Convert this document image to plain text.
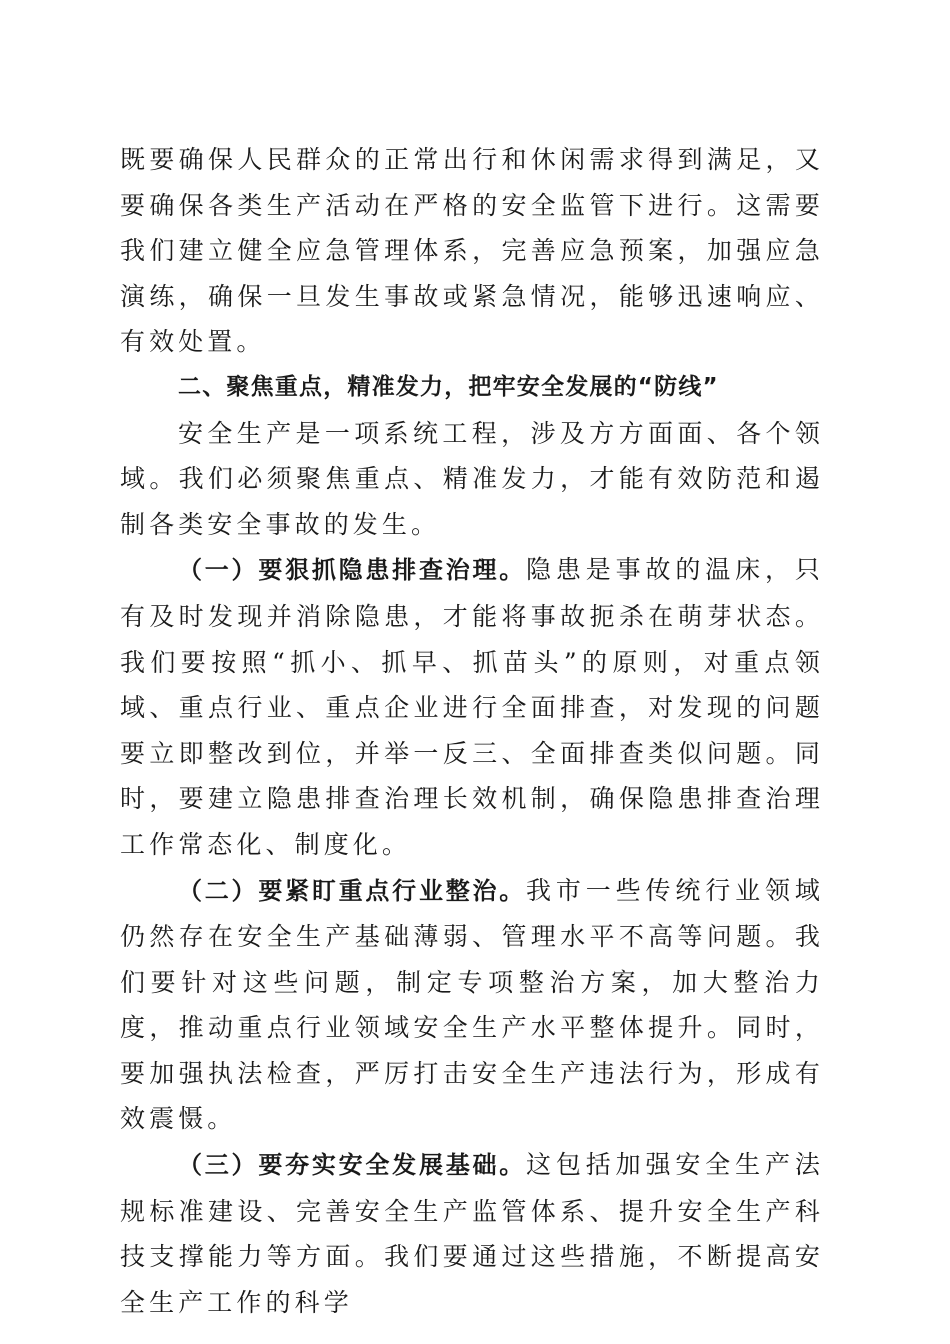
既要确保人民群众的正常出行和休闲需求得到满足，又要确保各类生产活动在严格的安全监管下进行。这需要我们建立健全应急管理体系，完善应急预案，加强应急演练，确保一旦发生事故或紧急情况，能够迅速响应、有效处置。

二、聚焦重点，精准发力，把牢安全发展的“防线”

安全生产是一项系统工程，涉及方方面面、各个领域。我们必须聚焦重点、精准发力，才能有效防范和遏制各类安全事故的发生。

（一）要狠抓隐患排查治理。隐患是事故的温床，只有及时发现并消除隐患，才能将事故扼杀在萌芽状态。我们要按照“抓小、抓早、抓苗头”的原则，对重点领域、重点行业、重点企业进行全面排查，对发现的问题要立即整改到位，并举一反三、全面排查类似问题。同时，要建立隐患排查治理长效机制，确保隐患排查治理工作常态化、制度化。

（二）要紧盯重点行业整治。我市一些传统行业领域仍然存在安全生产基础薄弱、管理水平不高等问题。我们要针对这些问题，制定专项整治方案，加大整治力度，推动重点行业领域安全生产水平整体提升。同时，要加强执法检查，严厉打击安全生产违法行为，形成有效震慑。

（三）要夯实安全发展基础。这包括加强安全生产法规标准建设、完善安全生产监管体系、提升安全生产科技支撑能力等方面。我们要通过这些措施，不断提高安全生产工作的科学
